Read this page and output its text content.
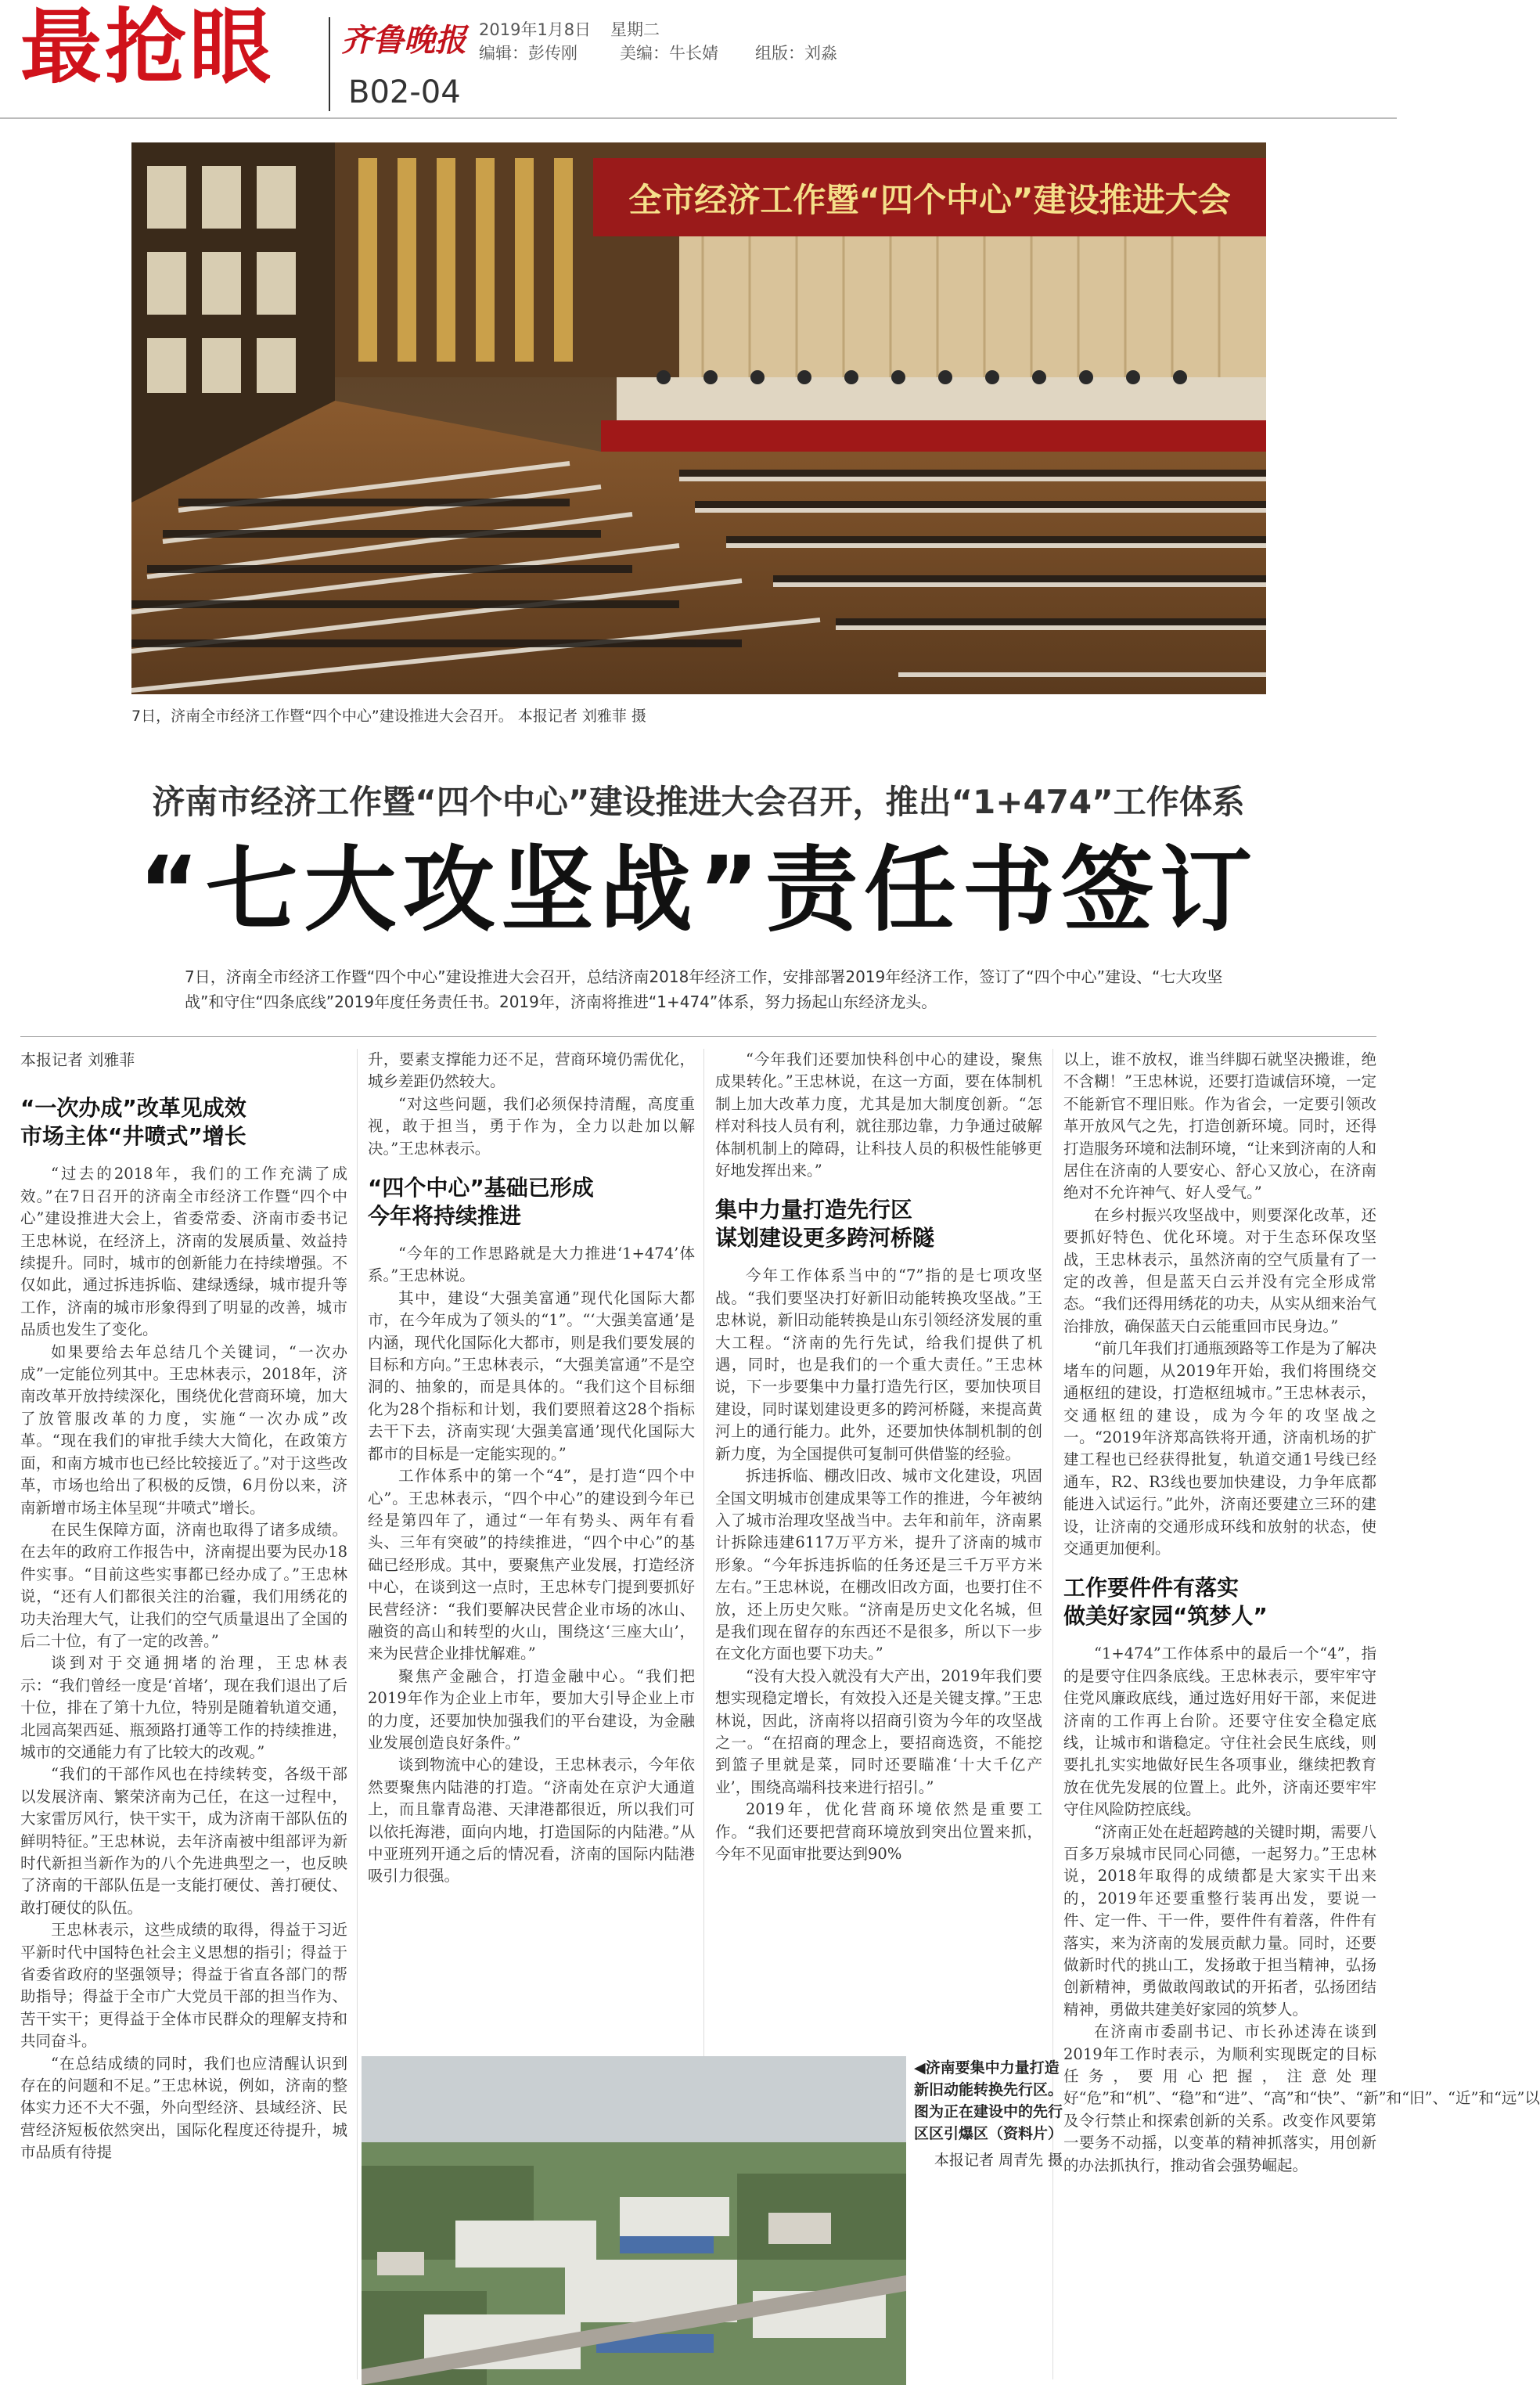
最抢眼 齐鲁晚报 2019年1月8日 星期二
编辑：彭传刚	美编：牛长婧 组版：刘淼
B02-04
全市经济工作暨“四个中心”建设推进大会
7日，济南全市经济工作暨“四个中心”建设推进大会召开。 本报记者 刘雅菲 摄
济南市经济工作暨“四个中心”建设推进大会召开，推出“1+474”工作体系
“七大攻坚战”责任书签订
7日，济南全市经济工作暨“四个中心”建设推进大会召开，总结济南2018年经济工作，安排部署2019年经济工作，签订了“四个中心”建设、“七大攻坚战”和守住“四条底线”2019年度任务责任书。2019年，济南将推进“1+474”体系，努力扬起山东经济龙头。
本报记者 刘雅菲
“一次办成”改革见成效
市场主体“井喷式”增长

“过去的2018年，我们的工作充满了成效。”在7日召开的济南全市经济工作暨“四个中心”建设推进大会上，省委常委、济南市委书记王忠林说，在经济上，济南的发展质量、效益持续提升。同时，城市的创新能力在持续增强。不仅如此，通过拆违拆临、建绿透绿，城市提升等工作，济南的城市形象得到了明显的改善，城市品质也发生了变化。

如果要给去年总结几个关键词，“一次办成”一定能位列其中。王忠林表示，2018年，济南改革开放持续深化，围绕优化营商环境，加大了放管服改革的力度，实施“一次办成”改革。“现在我们的审批手续大大简化，在政策方面，和南方城市也已经比较接近了。”对于这些改革，市场也给出了积极的反馈，6月份以来，济南新增市场主体呈现“井喷式”增长。

在民生保障方面，济南也取得了诸多成绩。在去年的政府工作报告中，济南提出要为民办18件实事。“目前这些实事都已经办成了。”王忠林说，“还有人们都很关注的治霾，我们用绣花的功夫治理大气，让我们的空气质量退出了全国的后二十位，有了一定的改善。”

谈到对于交通拥堵的治理，王忠林表示：“我们曾经一度是‘首堵’，现在我们退出了后十位，排在了第十九位，特别是随着轨道交通，北园高架西延、瓶颈路打通等工作的持续推进，城市的交通能力有了比较大的改观。”

“我们的干部作风也在持续转变，各级干部以发展济南、繁荣济南为己任，在这一过程中，大家雷厉风行，快干实干，成为济南干部队伍的鲜明特征。”王忠林说，去年济南被中组部评为新时代新担当新作为的八个先进典型之一，也反映了济南的干部队伍是一支能打硬仗、善打硬仗、敢打硬仗的队伍。

王忠林表示，这些成绩的取得，得益于习近平新时代中国特色社会主义思想的指引；得益于省委省政府的坚强领导；得益于省直各部门的帮助指导；得益于全市广大党员干部的担当作为、苦干实干；更得益于全体市民群众的理解支持和共同奋斗。

“在总结成绩的同时，我们也应清醒认识到存在的问题和不足。”王忠林说，例如，济南的整体实力还不大不强，外向型经济、县域经济、民营经济短板依然突出，国际化程度还待提升，城市品质有待提

升，要素支撑能力还不足，营商环境仍需优化，城乡差距仍然较大。

“对这些问题，我们必须保持清醒，高度重视，敢于担当，勇于作为，全力以赴加以解决。”王忠林表示。

“四个中心”基础已形成
今年将持续推进

“今年的工作思路就是大力推进‘1+474’体系。”王忠林说。

其中，建设“大强美富通”现代化国际大都市，在今年成为了领头的“1”。“‘大强美富通’是内涵，现代化国际化大都市，则是我们要发展的目标和方向。”王忠林表示，“大强美富通”不是空洞的、抽象的，而是具体的。“我们这个目标细化为28个指标和计划，我们要照着这28个指标去干下去，济南实现‘大强美富通’现代化国际大都市的目标是一定能实现的。”

工作体系中的第一个“4”，是打造“四个中心”。王忠林表示，“四个中心”的建设到今年已经是第四年了，通过“一年有势头、两年有看头、三年有突破”的持续推进，“四个中心”的基础已经形成。其中，要聚焦产业发展，打造经济中心，在谈到这一点时，王忠林专门提到要抓好民营经济：“我们要解决民营企业市场的冰山、融资的高山和转型的火山，围绕这‘三座大山’，来为民营企业排忧解难。”

聚焦产金融合，打造金融中心。“我们把2019年作为企业上市年，要加大引导企业上市的力度，还要加快加强我们的平台建设，为金融业发展创造良好条件。”

谈到物流中心的建设，王忠林表示，今年依然要聚焦内陆港的打造。“济南处在京沪大通道上，而且靠青岛港、天津港都很近，所以我们可以依托海港，面向内地，打造国际的内陆港。”从中亚班列开通之后的情况看，济南的国际内陆港吸引力很强。

“今年我们还要加快科创中心的建设，聚焦成果转化。”王忠林说，在这一方面，要在体制机制上加大改革力度，尤其是加大制度创新。“怎样对科技人员有利，就往那边靠，力争通过破解体制机制上的障碍，让科技人员的积极性能够更好地发挥出来。”

集中力量打造先行区
谋划建设更多跨河桥隧

今年工作体系当中的“7”指的是七项攻坚战。“我们要坚决打好新旧动能转换攻坚战。”王忠林说，新旧动能转换是山东引领经济发展的重大工程。“济南的先行先试，给我们提供了机遇，同时，也是我们的一个重大责任。”王忠林说，下一步要集中力量打造先行区，要加快项目建设，同时谋划建设更多的跨河桥隧，来提高黄河上的通行能力。此外，还要加快体制机制的创新力度，为全国提供可复制可供借鉴的经验。

拆违拆临、棚改旧改、城市文化建设，巩固全国文明城市创建成果等工作的推进，今年被纳入了城市治理攻坚战当中。去年和前年，济南累计拆除违建6117万平方米，提升了济南的城市形象。“今年拆违拆临的任务还是三千万平方米左右。”王忠林说，在棚改旧改方面，也要打住不放，还上历史欠账。“济南是历史文化名城，但是我们现在留存的东西还不是很多，所以下一步在文化方面也要下功夫。”

“没有大投入就没有大产出，2019年我们要想实现稳定增长，有效投入还是关键支撑。”王忠林说，因此，济南将以招商引资为今年的攻坚战之一。“在招商的理念上，要招商选资，不能挖到篮子里就是菜，同时还要瞄准‘十大千亿产业’，围绕高端科技来进行招引。”

2019年，优化营商环境依然是重要工作。“我们还要把营商环境放到突出位置来抓，今年不见面审批要达到90%

以上，谁不放权，谁当绊脚石就坚决搬谁，绝不含糊！”王忠林说，还要打造诚信环境，一定不能新官不理旧账。作为省会，一定要引领改革开放风气之先，打造创新环境。同时，还得打造服务环境和法制环境，“让来到济南的人和居住在济南的人要安心、舒心又放心，在济南绝对不允许神气、好人受气。”

在乡村振兴攻坚战中，则要深化改革，还要抓好特色、优化环境。对于生态环保攻坚战，王忠林表示，虽然济南的空气质量有了一定的改善，但是蓝天白云并没有完全形成常态。“我们还得用绣花的功夫，从实从细来治气治排放，确保蓝天白云能重回市民身边。”

“前几年我们打通瓶颈路等工作是为了解决堵车的问题，从2019年开始，我们将围绕交通枢纽的建设，打造枢纽城市。”王忠林表示，交通枢纽的建设，成为今年的攻坚战之一。“2019年济郑高铁将开通，济南机场的扩建工程也已经获得批复，轨道交通1号线已经通车，R2、R3线也要加快建设，力争年底都能进入试运行。”此外，济南还要建立三环的建设，让济南的交通形成环线和放射的状态，使交通更加便利。

工作要件件有落实
做美好家园“筑梦人”

“1+474”工作体系中的最后一个“4”，指的是要守住四条底线。王忠林表示，要牢牢守住党风廉政底线，通过选好用好干部，来促进济南的工作再上台阶。还要守住安全稳定底线，让城市和谐稳定。守住社会民生底线，则要扎扎实实地做好民生各项事业，继续把教育放在优先发展的位置上。此外，济南还要牢牢守住风险防控底线。

“济南正处在赶超跨越的关键时期，需要八百多万泉城市民同心同德，一起努力。”王忠林说，2018年取得的成绩都是大家实干出来的，2019年还要重整行装再出发，要说一件、定一件、干一件，要件件有着落，件件有落实，来为济南的发展贡献力量。同时，还要做新时代的挑山工，发扬敢于担当精神，弘扬创新精神，勇做敢闯敢试的开拓者，弘扬团结精神，勇做共建美好家园的筑梦人。

在济南市委副书记、市长孙述涛在谈到2019年工作时表示，为顺利实现既定的目标任务，要用心把握，注意处理好“危”和“机”、“稳”和“进”、“高”和“快”、“新”和“旧”、“近”和“远”以及令行禁止和探索创新的关系。改变作风要第一要务不动摇，以变革的精神抓落实，用创新的办法抓执行，推动省会强势崛起。

◀济南要集中力量打造新旧动能转换先行区。图为正在建设中的先行区区引爆区（资料片）
本报记者 周青先 摄
